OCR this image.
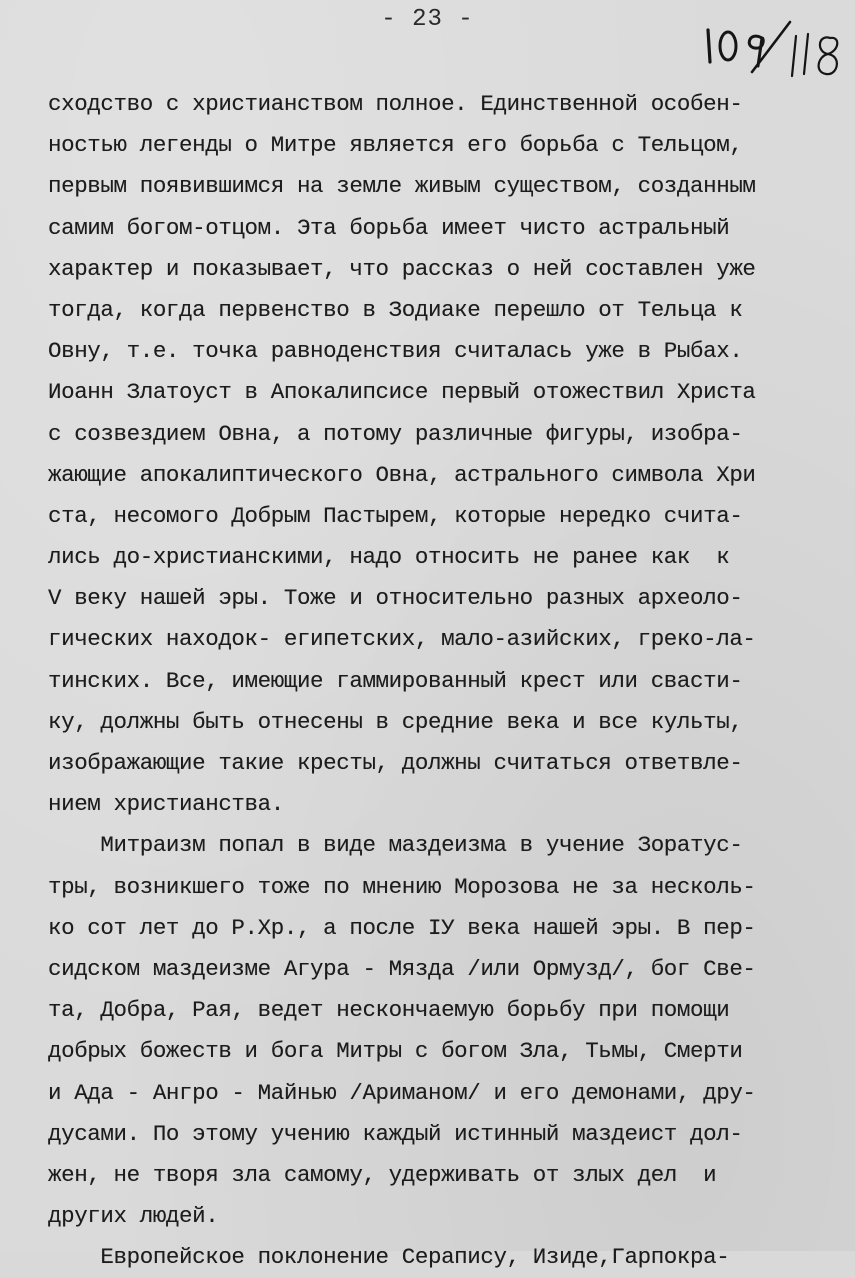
- 23 -
сходство с христианством полное. Единственной особен-
ностью легенды о Митре является его борьба с Тельцом,
первым появившимся на земле живым существом, созданным
самим богом-отцом. Эта борьба имеет чисто астральный
характер и показывает, что рассказ о ней составлен уже
тогда, когда первенство в Зодиаке перешло от Тельца к
Овну, т.е. точка равноденствия считалась уже в Рыбах.
Иоанн Златоуст в Апокалипсисе первый отожествил Христа
с созвездием Овна, а потому различные фигуры, изобра-
жающие апокалиптического Овна, астрального символа Хри
ста, несомого Добрым Пастырем, которые нередко счита-
лись до-христианскими, надо относить не ранее как  к
V веку нашей эры. Тоже и относительно разных археоло-
гических находок- египетских, мало-азийских, греко-ла-
тинских. Все, имеющие гаммированный крест или свасти-
ку, должны быть отнесены в средние века и все культы,
изображающие такие кресты, должны считаться ответвле-
нием христианства.
Митраизм попал в виде маздеизма в учение Зоратус-
тры, возникшего тоже по мнению Морозова не за несколь-
ко сот лет до Р.Хр., а после IУ века нашей эры. В пер-
сидском маздеизме Агура - Мязда /или Ормузд/, бог Све-
та, Добра, Рая, ведет нескончаемую борьбу при помощи
добрых божеств и бога Митры с богом Зла, Тьмы, Смерти
и Ада - Ангро - Майнью /Ариманом/ и его демонами, дру-
дусами. По этому учению каждый истинный маздеист дол-
жен, не творя зла самому, удерживать от злых дел  и
других людей.
Европейское поклонение Серапису, Изиде,Гарпокра-
